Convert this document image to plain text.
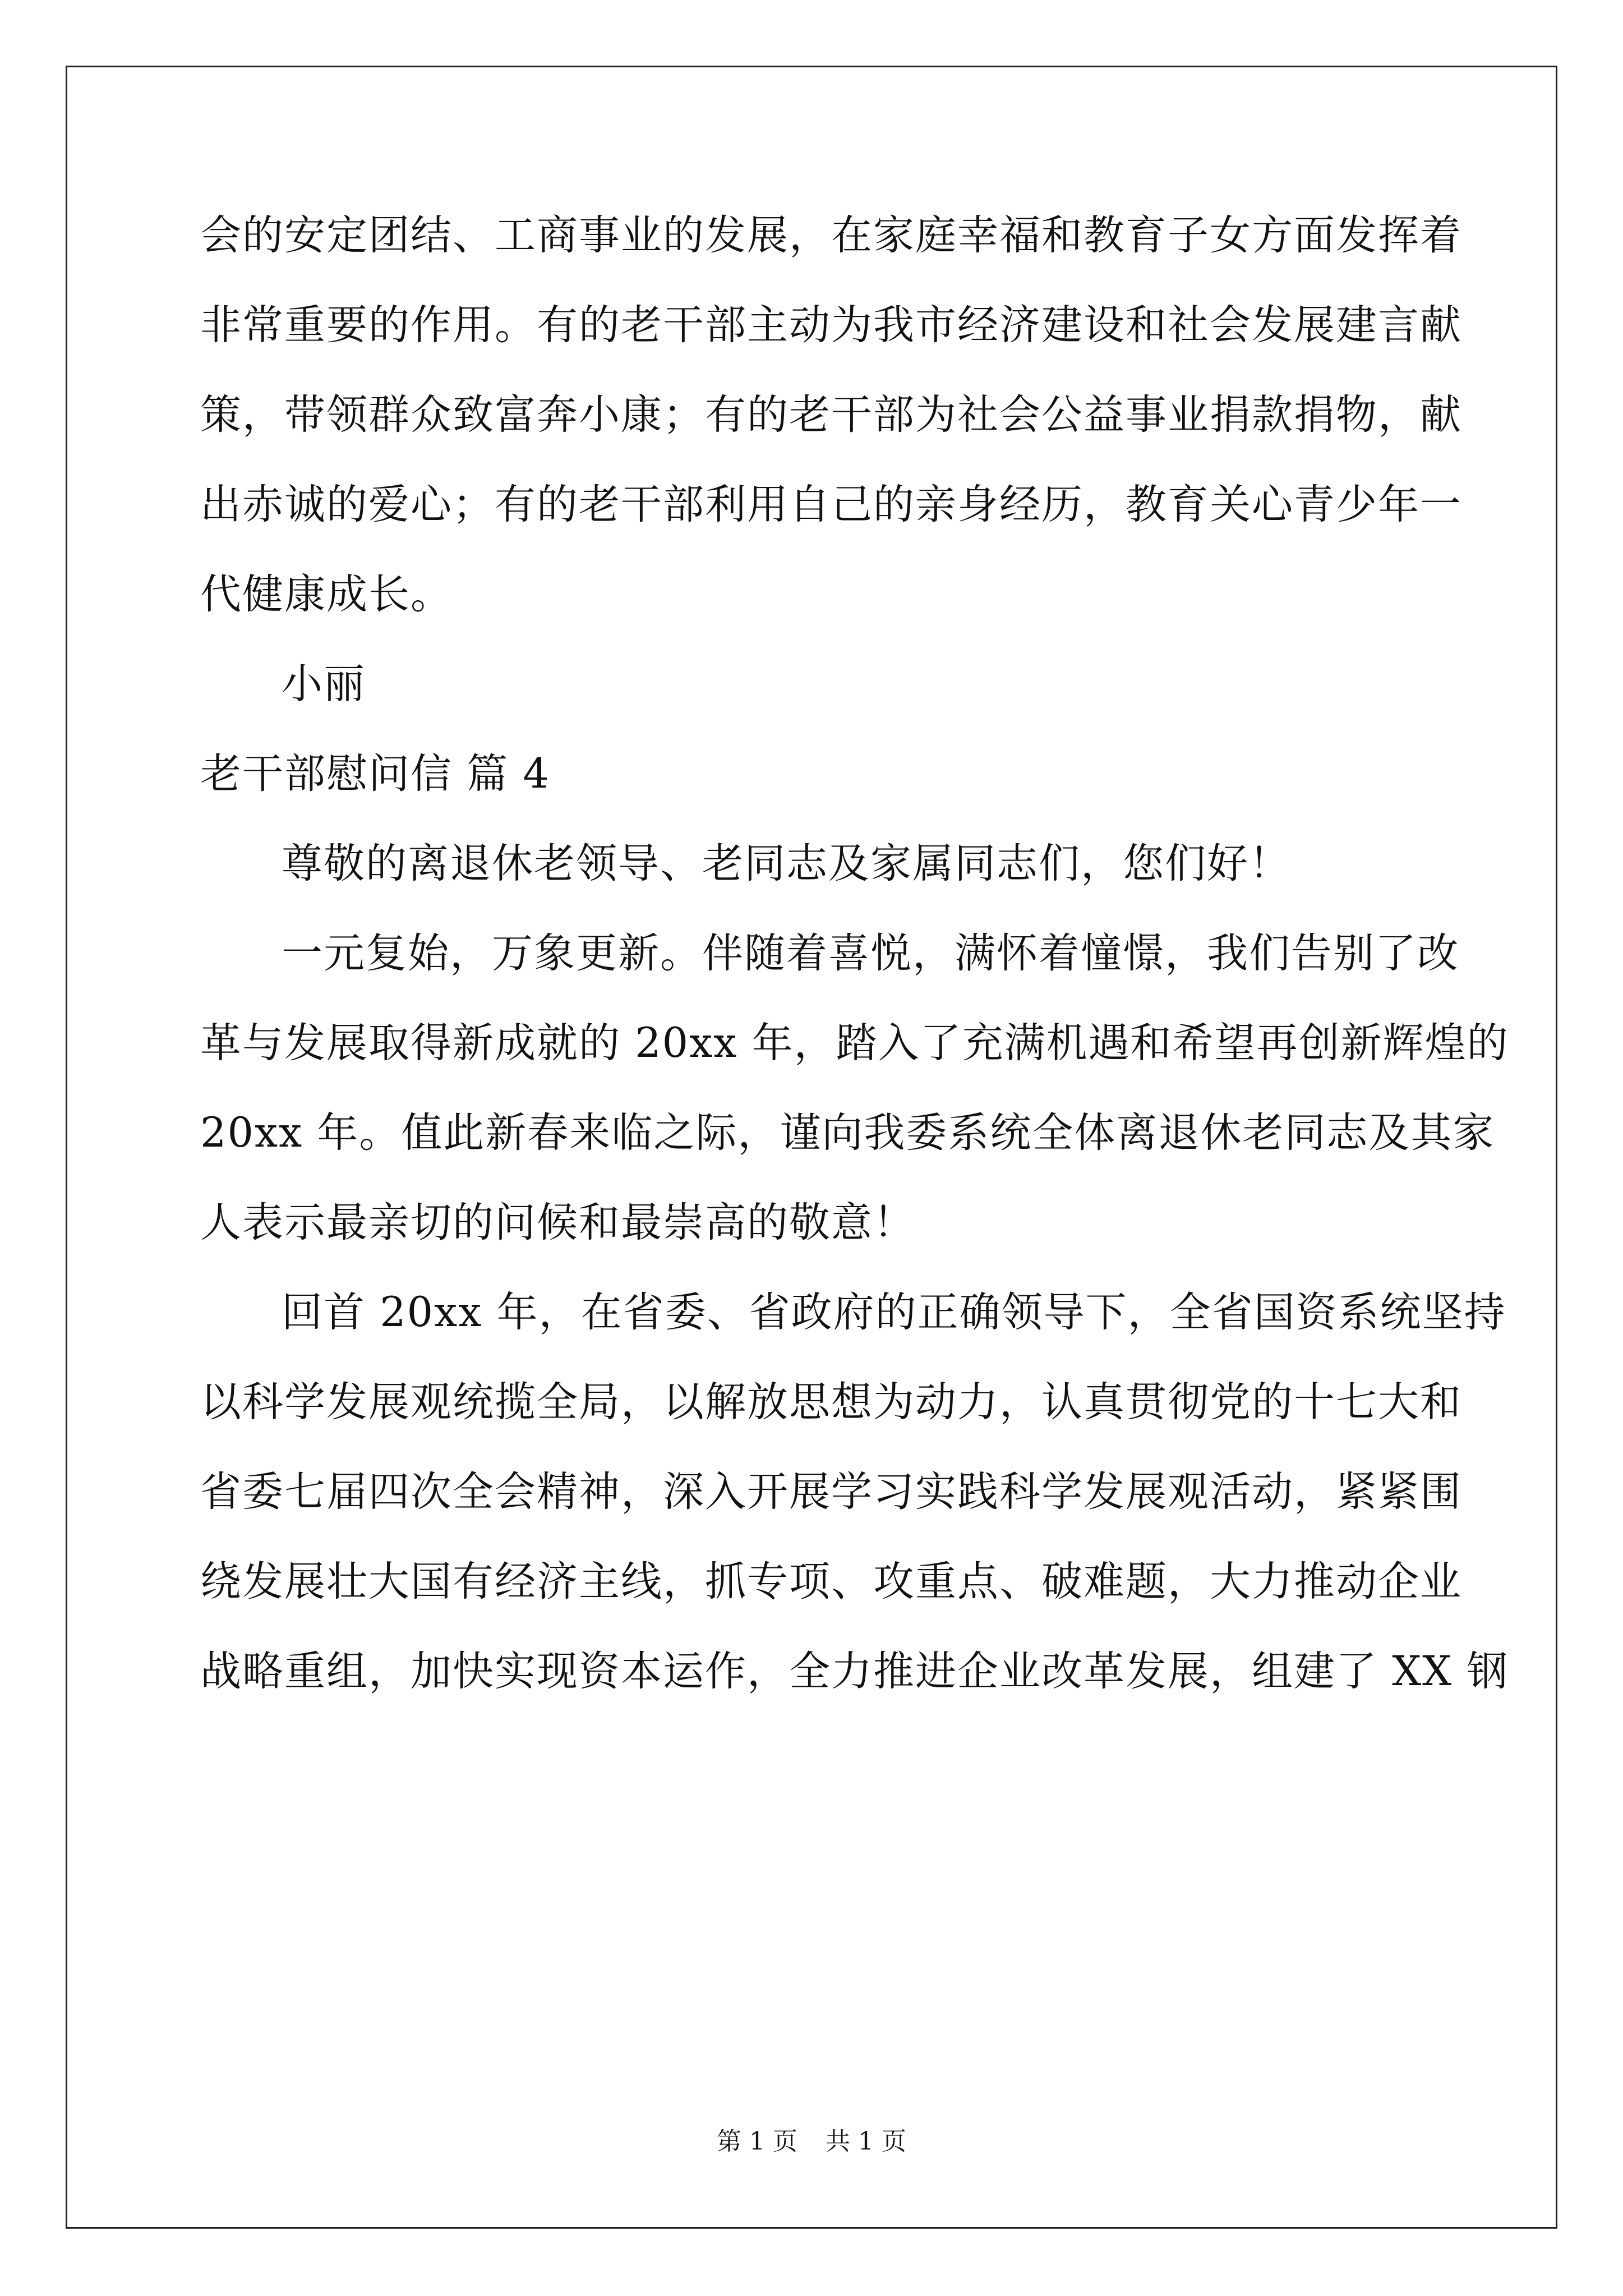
会的安定团结、工商事业的发展，在家庭幸福和教育子女方面发挥着
非常重要的作用。有的老干部主动为我市经济建设和社会发展建言献
策，带领群众致富奔小康；有的老干部为社会公益事业捐款捐物，献
出赤诚的爱心；有的老干部利用自己的亲身经历，教育关心青少年一
代健康成长。
小丽
老干部慰问信 篇 4
尊敬的离退休老领导、老同志及家属同志们，您们好！
一元复始，万象更新。伴随着喜悦，满怀着憧憬，我们告别了改
革与发展取得新成就的 20xx 年，踏入了充满机遇和希望再创新辉煌的
20xx 年。值此新春来临之际，谨向我委系统全体离退休老同志及其家
人表示最亲切的问候和最崇高的敬意！
回首 20xx 年，在省委、省政府的正确领导下，全省国资系统坚持
以科学发展观统揽全局，以解放思想为动力，认真贯彻党的十七大和
省委七届四次全会精神，深入开展学习实践科学发展观活动，紧紧围
绕发展壮大国有经济主线，抓专项、攻重点、破难题，大力推动企业
战略重组，加快实现资本运作，全力推进企业改革发展，组建了 XX 钢
第 1 页 共 1 页
